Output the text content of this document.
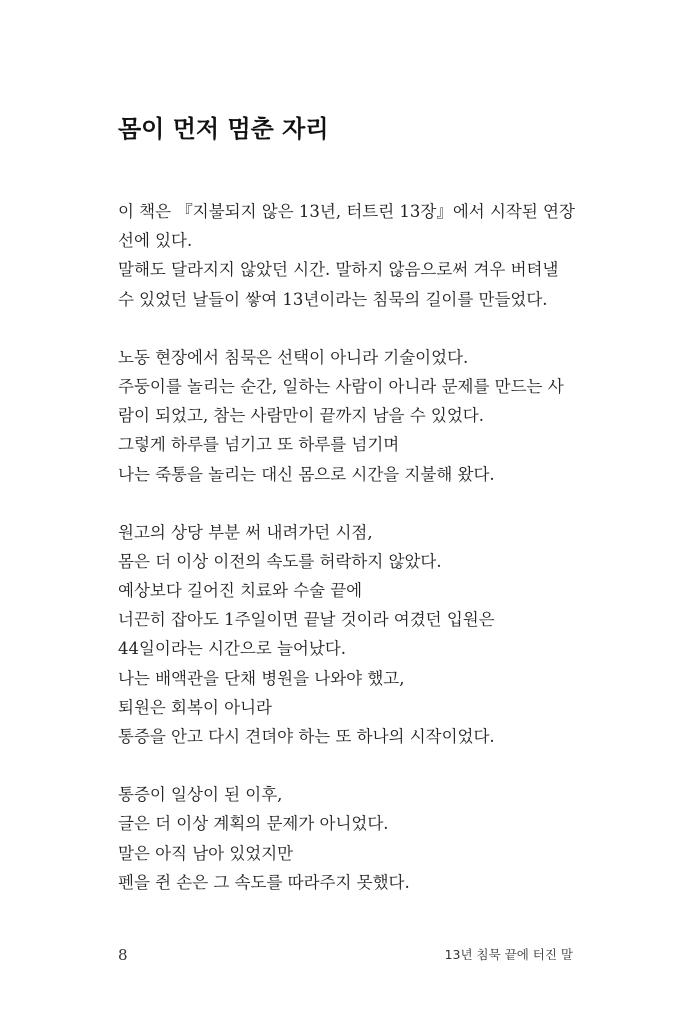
몸이 먼저 멈춘 자리

이 책은 『지불되지 않은 13년, 터트린 13장』에서 시작된 연장
선에 있다.
말해도 달라지지 않았던 시간. 말하지 않음으로써 겨우 버텨낼
수 있었던 날들이 쌓여 13년이라는 침묵의 길이를 만들었다.

노동 현장에서 침묵은 선택이 아니라 기술이었다.
주둥이를 놀리는 순간, 일하는 사람이 아니라 문제를 만드는 사
람이 되었고, 참는 사람만이 끝까지 남을 수 있었다.
그렇게 하루를 넘기고 또 하루를 넘기며
나는 죽통을 놀리는 대신 몸으로 시간을 지불해 왔다.

원고의 상당 부분 써 내려가던 시점,
몸은 더 이상 이전의 속도를 허락하지 않았다.
예상보다 길어진 치료와 수술 끝에
너끈히 잡아도 1주일이면 끝날 것이라 여겼던 입원은
44일이라는 시간으로 늘어났다.
나는 배액관을 단채 병원을 나와야 했고,
퇴원은 회복이 아니라
통증을 안고 다시 견뎌야 하는 또 하나의 시작이었다.

통증이 일상이 된 이후,
글은 더 이상 계획의 문제가 아니었다.
말은 아직 남아 있었지만
펜을 쥔 손은 그 속도를 따라주지 못했다.

8	13년 침묵 끝에 터진 말
